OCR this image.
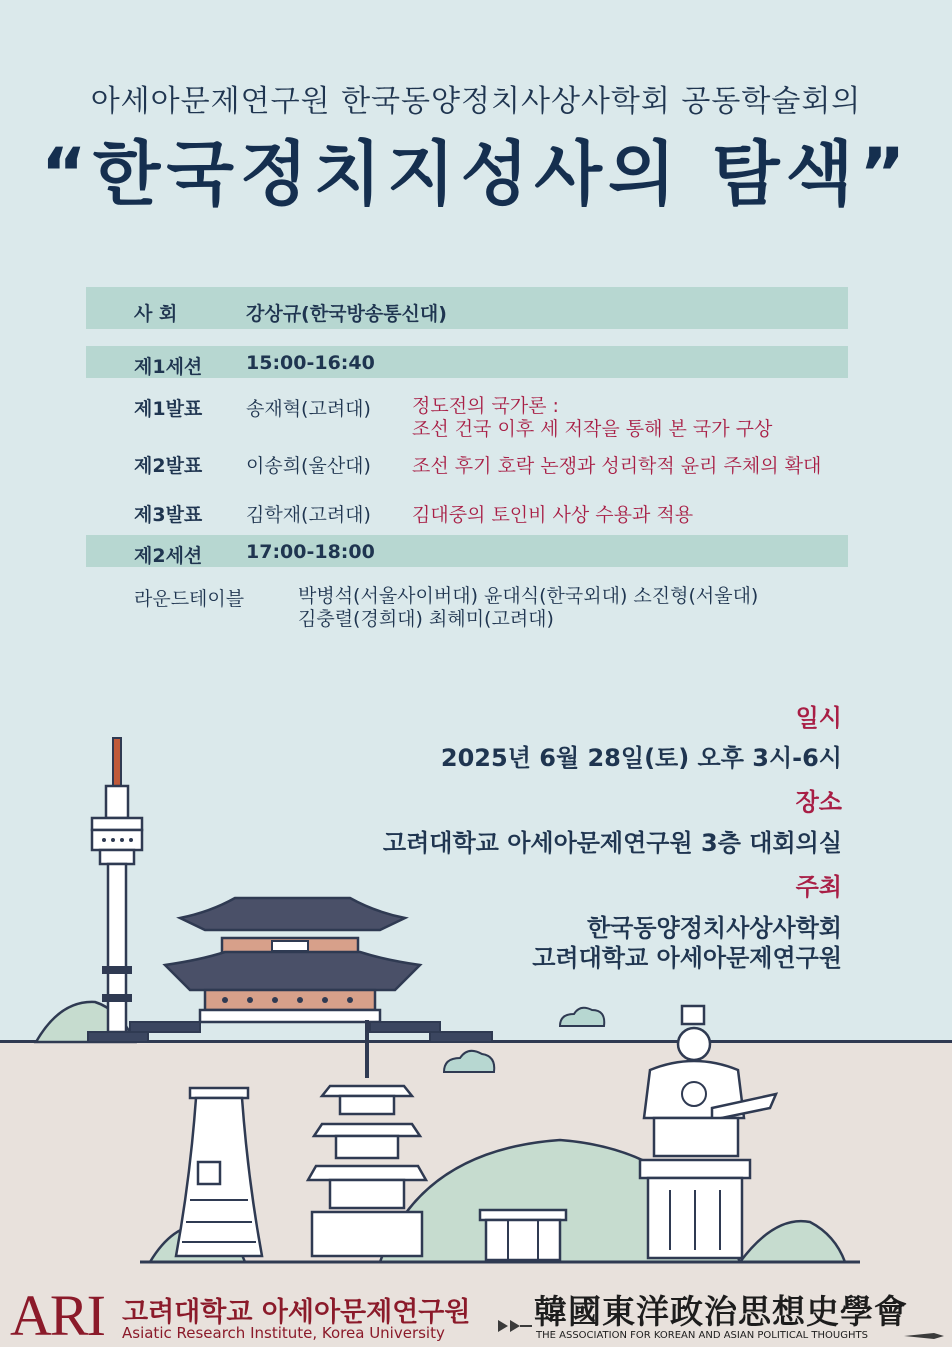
아세아문제연구원 한국동양정치사상사학회 공동학술회의
“한국정치지성사의 탐색”
사 회	강상규(한국방송통신대)
제1세션 15:00-16:40
제1발표 송재혁(고려대) 정도전의 국가론 :
조선 건국 이후 세 저작을 통해 본 국가 구상
제2발표 이송희(울산대) 조선 후기 호락 논쟁과 성리학적 윤리 주체의 확대
제3발표 김학재(고려대) 김대중의 토인비 사상 수용과 적용
제2세션 17:00-18:00
라운드테이블	박병석(서울사이버대) 윤대식(한국외대) 소진형(서울대)
김충렬(경희대) 최혜미(고려대)
일시
2025년 6월 28일(토) 오후 3시-6시
장소
고려대학교 아세아문제연구원 3층 대회의실
주최
한국동양정치사상사학회
고려대학교 아세아문제연구원
ARI 고려대학교 아세아문제연구원
Asiatic Research Institute, Korea University
韓國東洋政治思想史學會
THE ASSOCIATION FOR KOREAN AND ASIAN POLITICAL THOUGHTS
